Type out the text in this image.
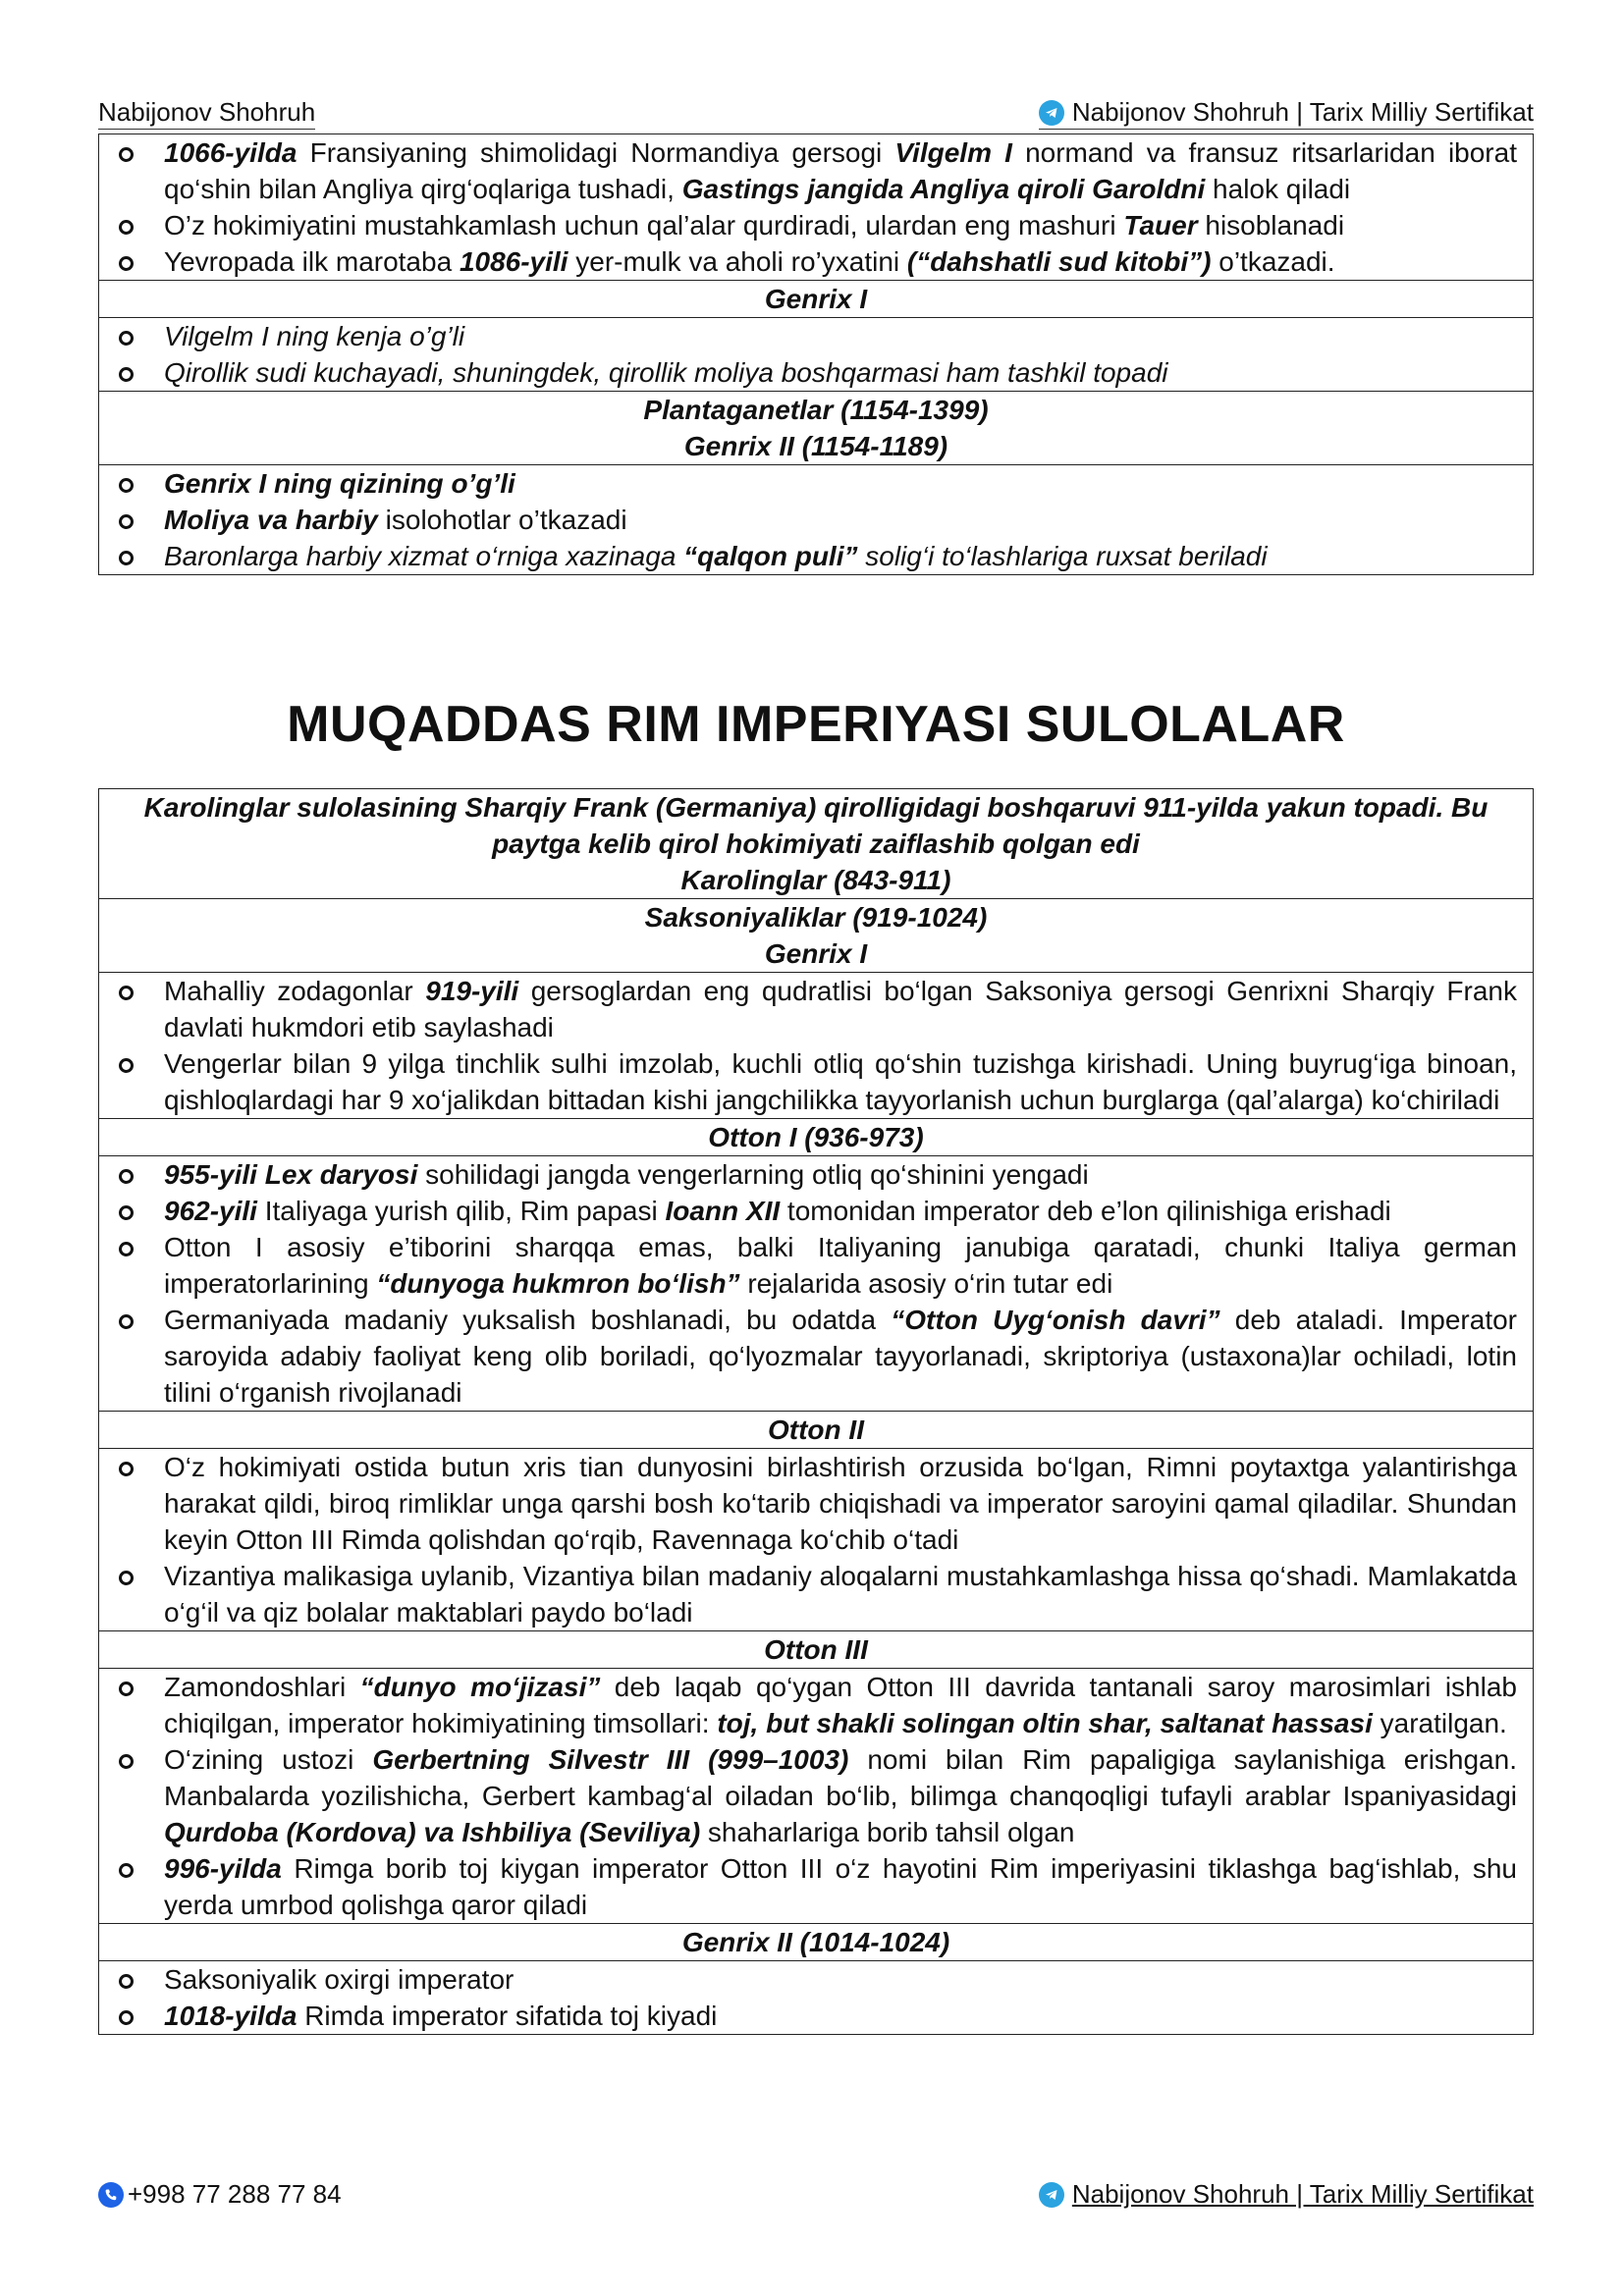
Nabijonov Shohruh	Nabijonov Shohruh | Tarix Milliy Sertifikat
1066-yilda Fransiyaning shimolidagi Normandiya gersogi Vilgelm I normand va fransuz ritsarlaridan iborat qo‘shin bilan Angliya qirg‘oqlariga tushadi, Gastings jangida Angliya qiroli Garoldni halok qiladi
O’z hokimiyatini mustahkamlash uchun qal’alar qurdiradi, ulardan eng mashuri Tauer hisoblanadi
Yevropada ilk marotaba 1086-yili yer-mulk va aholi ro’yxatini (“dahshatli sud kitobi”) o’tkazadi.

Genrix I

Vilgelm I ning kenja o’g’li
Qirollik sudi kuchayadi, shuningdek, qirollik moliya boshqarmasi ham tashkil topadi

Plantaganetlar (1154-1399)
Genrix II (1154-1189)

Genrix I ning qizining o’g’li
Moliya va harbiy isolohotlar o’tkazadi
Baronlarga harbiy xizmat o‘rniga xazinaga “qalqon puli” solig‘i to‘lashlariga ruxsat beriladi
MUQADDAS RIM IMPERIYASI SULOLALAR
Karolinglar sulolasining Sharqiy Frank (Germaniya) qirolligidagi boshqaruvi 911-yilda yakun topadi. Bu
paytga kelib qirol hokimiyati zaiflashib qolgan edi
Karolinglar (843-911)

Saksoniyaliklar (919-1024)
Genrix I

Mahalliy zodagonlar 919-yili gersoglardan eng qudratlisi bo‘lgan Saksoniya gersogi Genrixni Sharqiy Frank davlati hukmdori etib saylashadi
Vengerlar bilan 9 yilga tinchlik sulhi imzolab, kuchli otliq qo‘shin tuzishga kirishadi. Uning buyrug‘iga binoan, qishloqlardagi har 9 xo‘jalikdan bittadan kishi jangchilikka tayyorlanish uchun burglarga (qal’alarga) ko‘chiriladi

Otton I (936-973)

955-yili Lex daryosi sohilidagi jangda vengerlarning otliq qo‘shinini yengadi
962-yili Italiyaga yurish qilib, Rim papasi Ioann XII tomonidan imperator deb e’lon qilinishiga erishadi
Otton I asosiy e’tiborini sharqqa emas, balki Italiyaning janubiga qaratadi, chunki Italiya german imperatorlarining “dunyoga hukmron bo‘lish” rejalarida asosiy o‘rin tutar edi
Germaniyada madaniy yuksalish boshlanadi, bu odatda “Otton Uyg‘onish davri” deb ataladi. Imperator saroyida adabiy faoliyat keng olib boriladi, qo‘lyozmalar tayyorlanadi, skriptoriya (ustaxona)lar ochiladi, lotin tilini o‘rganish rivojlanadi

Otton II

O‘z hokimiyati ostida butun xris tian dunyosini birlashtirish orzusida bo‘lgan, Rimni poytaxtga yalantirishga harakat qildi, biroq rimliklar unga qarshi bosh ko‘tarib chiqishadi va imperator saroyini qamal qiladilar. Shundan keyin Otton III Rimda qolishdan qo‘rqib, Ravennaga ko‘chib o‘tadi
Vizantiya malikasiga uylanib, Vizantiya bilan madaniy aloqalarni mustahkamlashga hissa qo‘shadi. Mamlakatda o‘g‘il va qiz bolalar maktablari paydo bo‘ladi

Otton III

Zamondoshlari “dunyo mo‘jizasi” deb laqab qo‘ygan Otton III davrida tantanali saroy marosimlari ishlab chiqilgan, imperator hokimiyatining timsollari: toj, but shakli solingan oltin shar, saltanat hassasi yaratilgan.
O‘zining ustozi Gerbertning Silvestr III (999–1003) nomi bilan Rim papaligiga saylanishiga erishgan. Manbalarda yozilishicha, Gerbert kambag‘al oiladan bo‘lib, bilimga chanqoqligi tufayli arablar Ispaniyasidagi Qurdoba (Kordova) va Ishbiliya (Seviliya) shaharlariga borib tahsil olgan
996-yilda Rimga borib toj kiygan imperator Otton III o‘z hayotini Rim imperiyasini tiklashga bag‘ishlab, shu yerda umrbod qolishga qaror qiladi

Genrix II (1014-1024)

Saksoniyalik oxirgi imperator
1018-yilda Rimda imperator sifatida toj kiyadi
+998 77 288 77 84	Nabijonov Shohruh | Tarix Milliy Sertifikat
